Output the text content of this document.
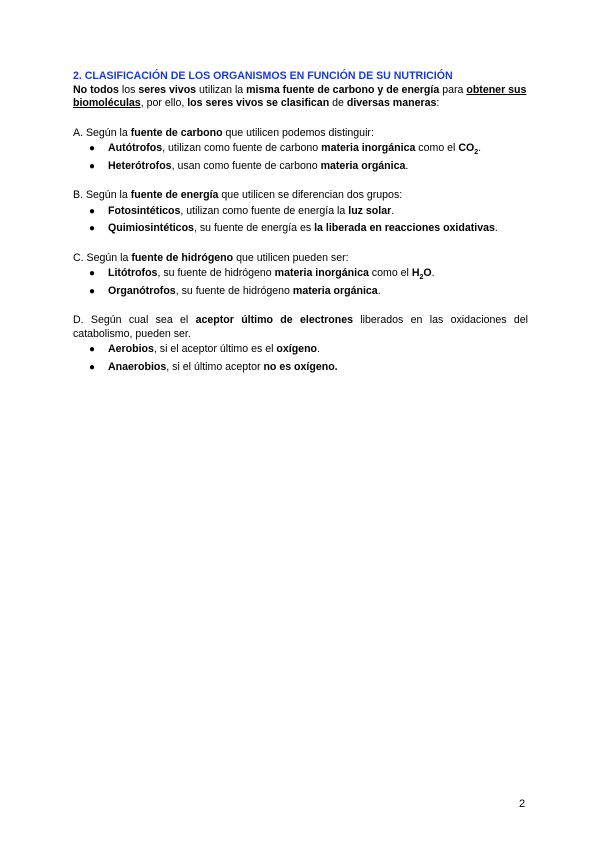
2. CLASIFICACIÓN DE LOS ORGANISMOS EN FUNCIÓN DE SU NUTRICIÓN

No todos los seres vivos utilizan la misma fuente de carbono y de energía para obtener sus biomoléculas, por ello, los seres vivos se clasifican de diversas maneras:

A. Según la fuente de carbono que utilicen podemos distinguir:

● Autótrofos, utilizan como fuente de carbono materia inorgánica como el $CO_2$.
● Heterótrofos, usan como fuente de carbono materia orgánica.

B. Según la fuente de energía que utilicen se diferencian dos grupos:

● Fotosintéticos, utilizan como fuente de energía la luz solar.
● Quimiosintéticos, su fuente de energía es la liberada en reacciones oxidativas.

C. Según la fuente de hidrógeno que utilicen pueden ser:

● Litótrofos, su fuente de hidrógeno materia inorgánica como el $H_2O$.
● Organótrofos, su fuente de hidrógeno materia orgánica.

D. Según cual sea el aceptor último de electrones liberados en las oxidaciones del catabolismo, pueden ser.

● Aerobios, si el aceptor último es el oxígeno.
● Anaerobios, si el último aceptor no es oxígeno.
2
